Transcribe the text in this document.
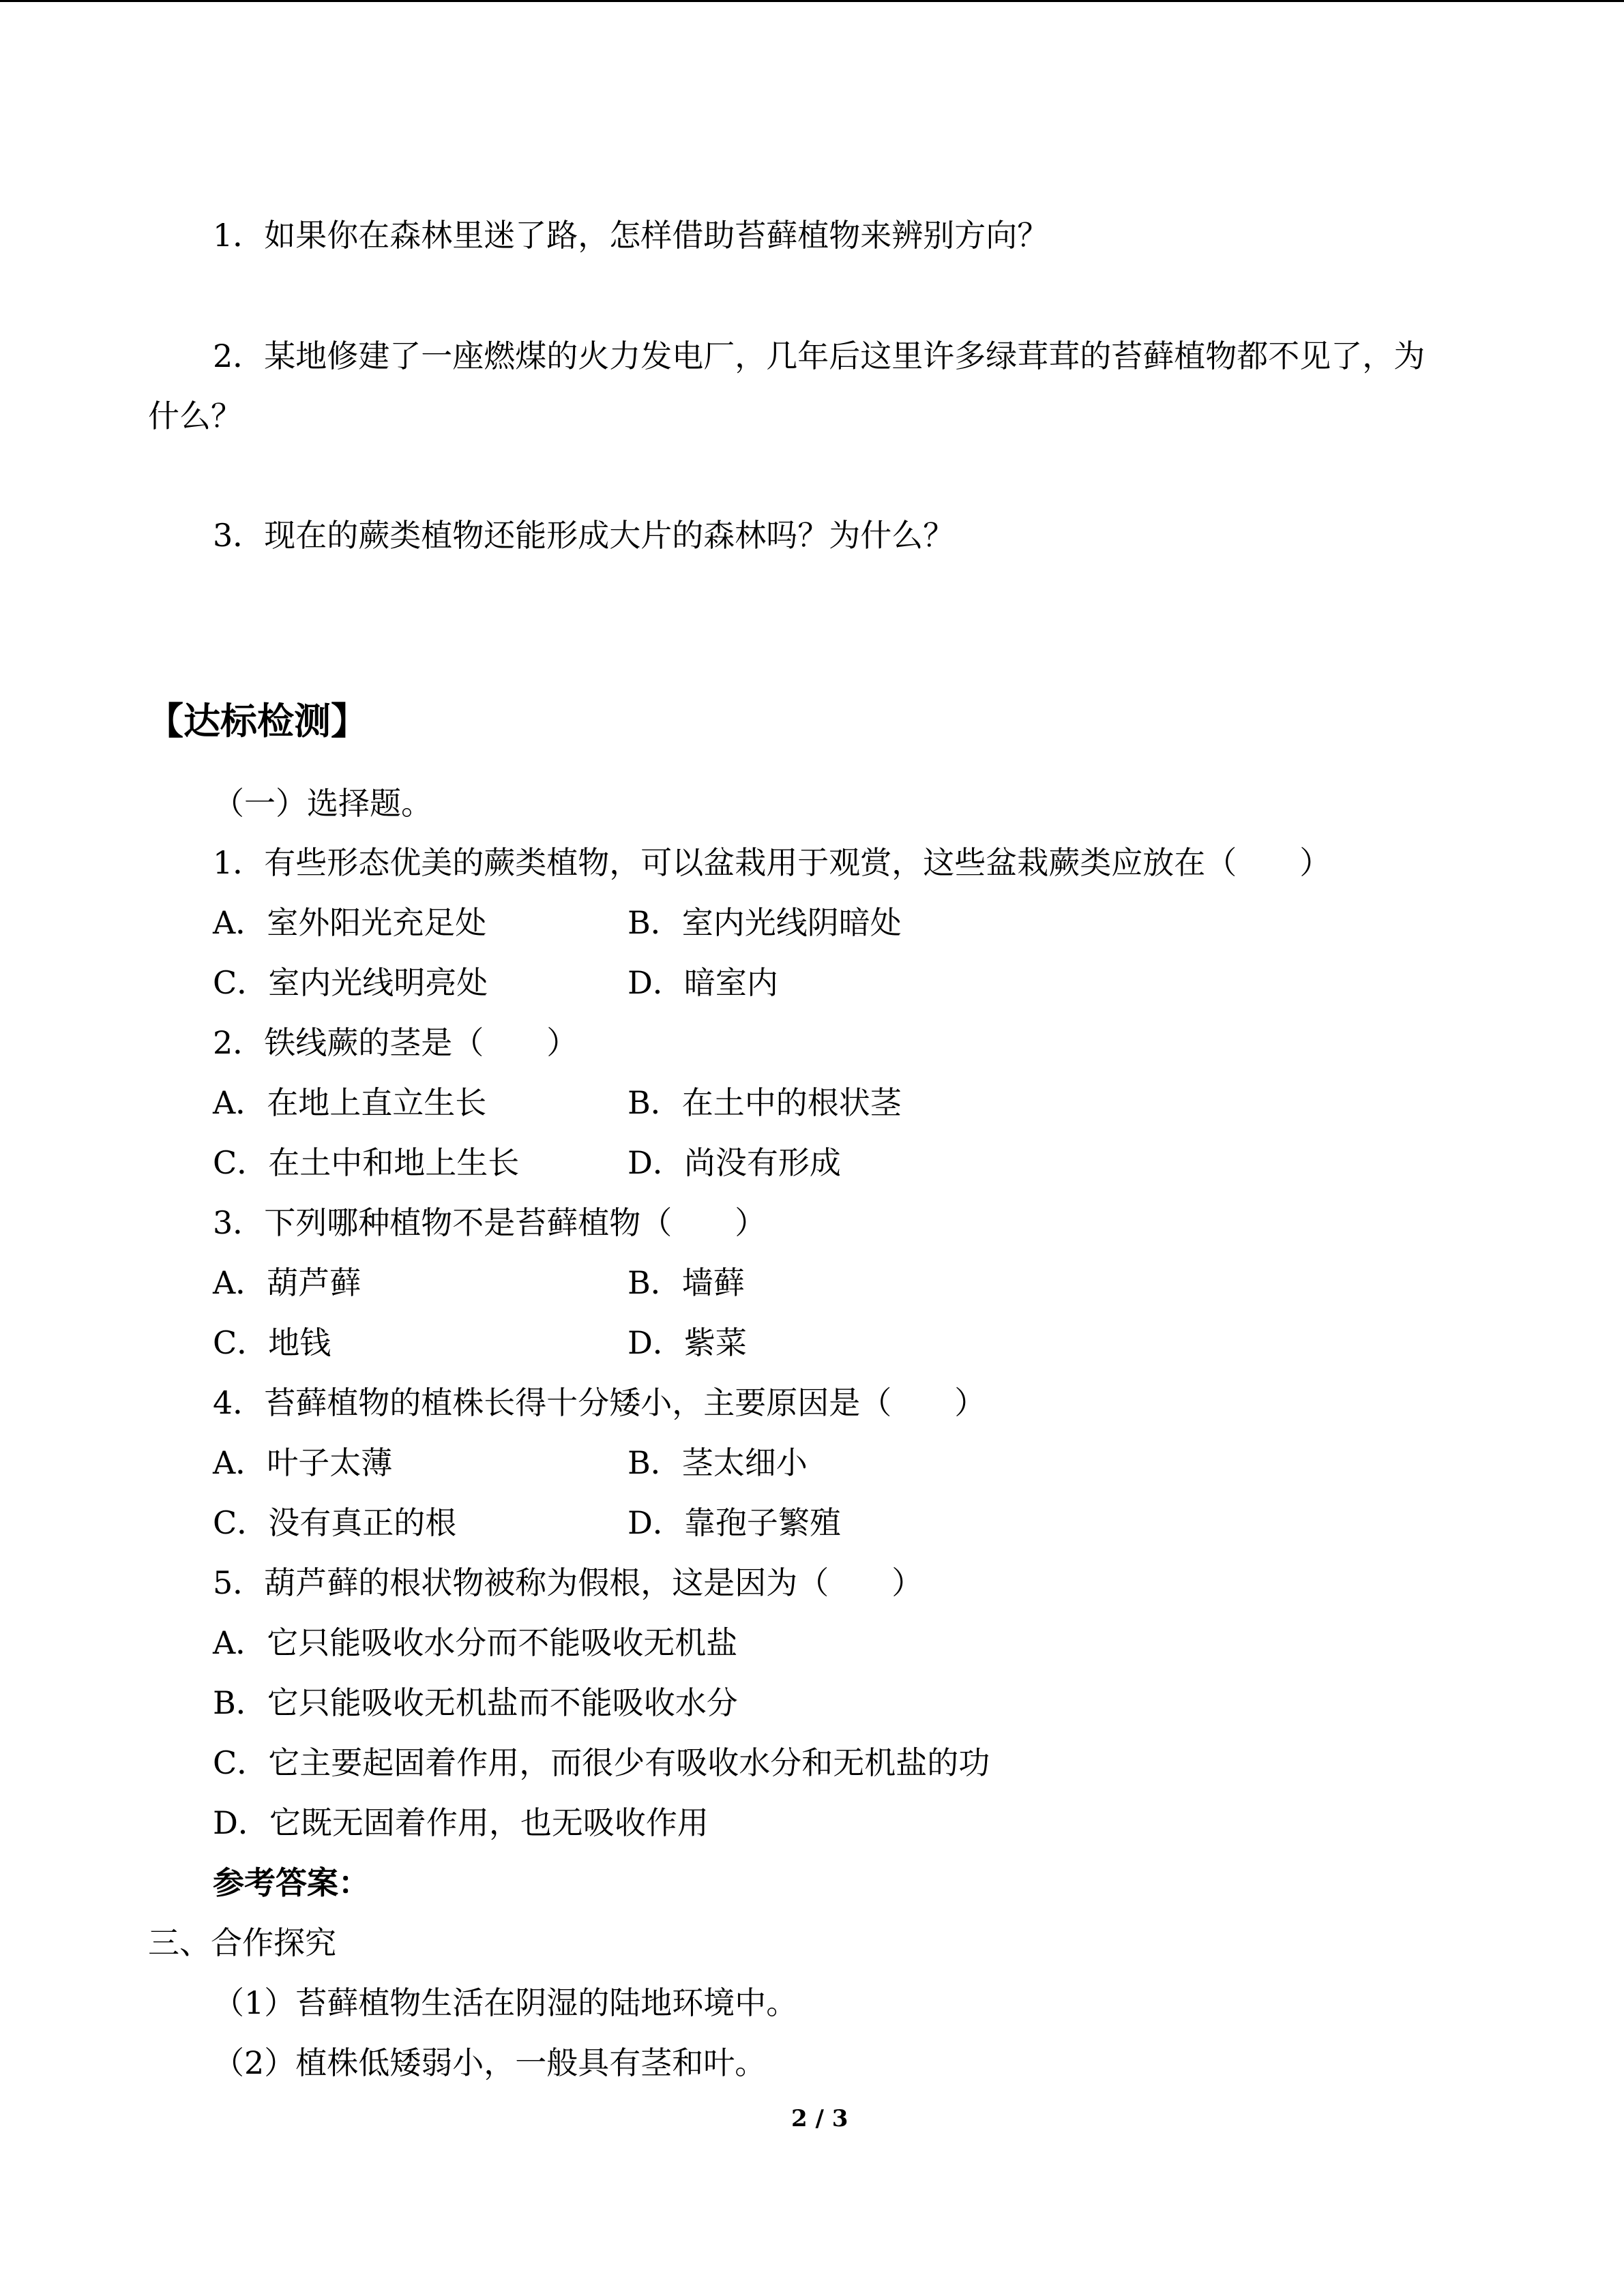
1．如果你在森林里迷了路，怎样借助苔藓植物来辨别方向？
2．某地修建了一座燃煤的火力发电厂，几年后这里许多绿茸茸的苔藓植物都不见了，为
什么？
3．现在的蕨类植物还能形成大片的森林吗？为什么？
【达标检测】
（一）选择题。
1．有些形态优美的蕨类植物，可以盆栽用于观赏，这些盆栽蕨类应放在（　　）
A．室外阳光充足处	B．室内光线阴暗处
C．室内光线明亮处	D．暗室内
2．铁线蕨的茎是（　　）
A．在地上直立生长	B．在土中的根状茎
C．在土中和地上生长	D．尚没有形成
3．下列哪种植物不是苔藓植物（　　）
A．葫芦藓	B．墙藓
C．地钱	D．紫菜
4．苔藓植物的植株长得十分矮小，主要原因是（　　）
A．叶子太薄	B．茎太细小
C．没有真正的根	D．靠孢子繁殖
5．葫芦藓的根状物被称为假根，这是因为（　　）
A．它只能吸收水分而不能吸收无机盐
B．它只能吸收无机盐而不能吸收水分
C．它主要起固着作用，而很少有吸收水分和无机盐的功
D．它既无固着作用，也无吸收作用
参考答案：
三、合作探究
（1）苔藓植物生活在阴湿的陆地环境中。
（2）植株低矮弱小，一般具有茎和叶。
2 / 3
